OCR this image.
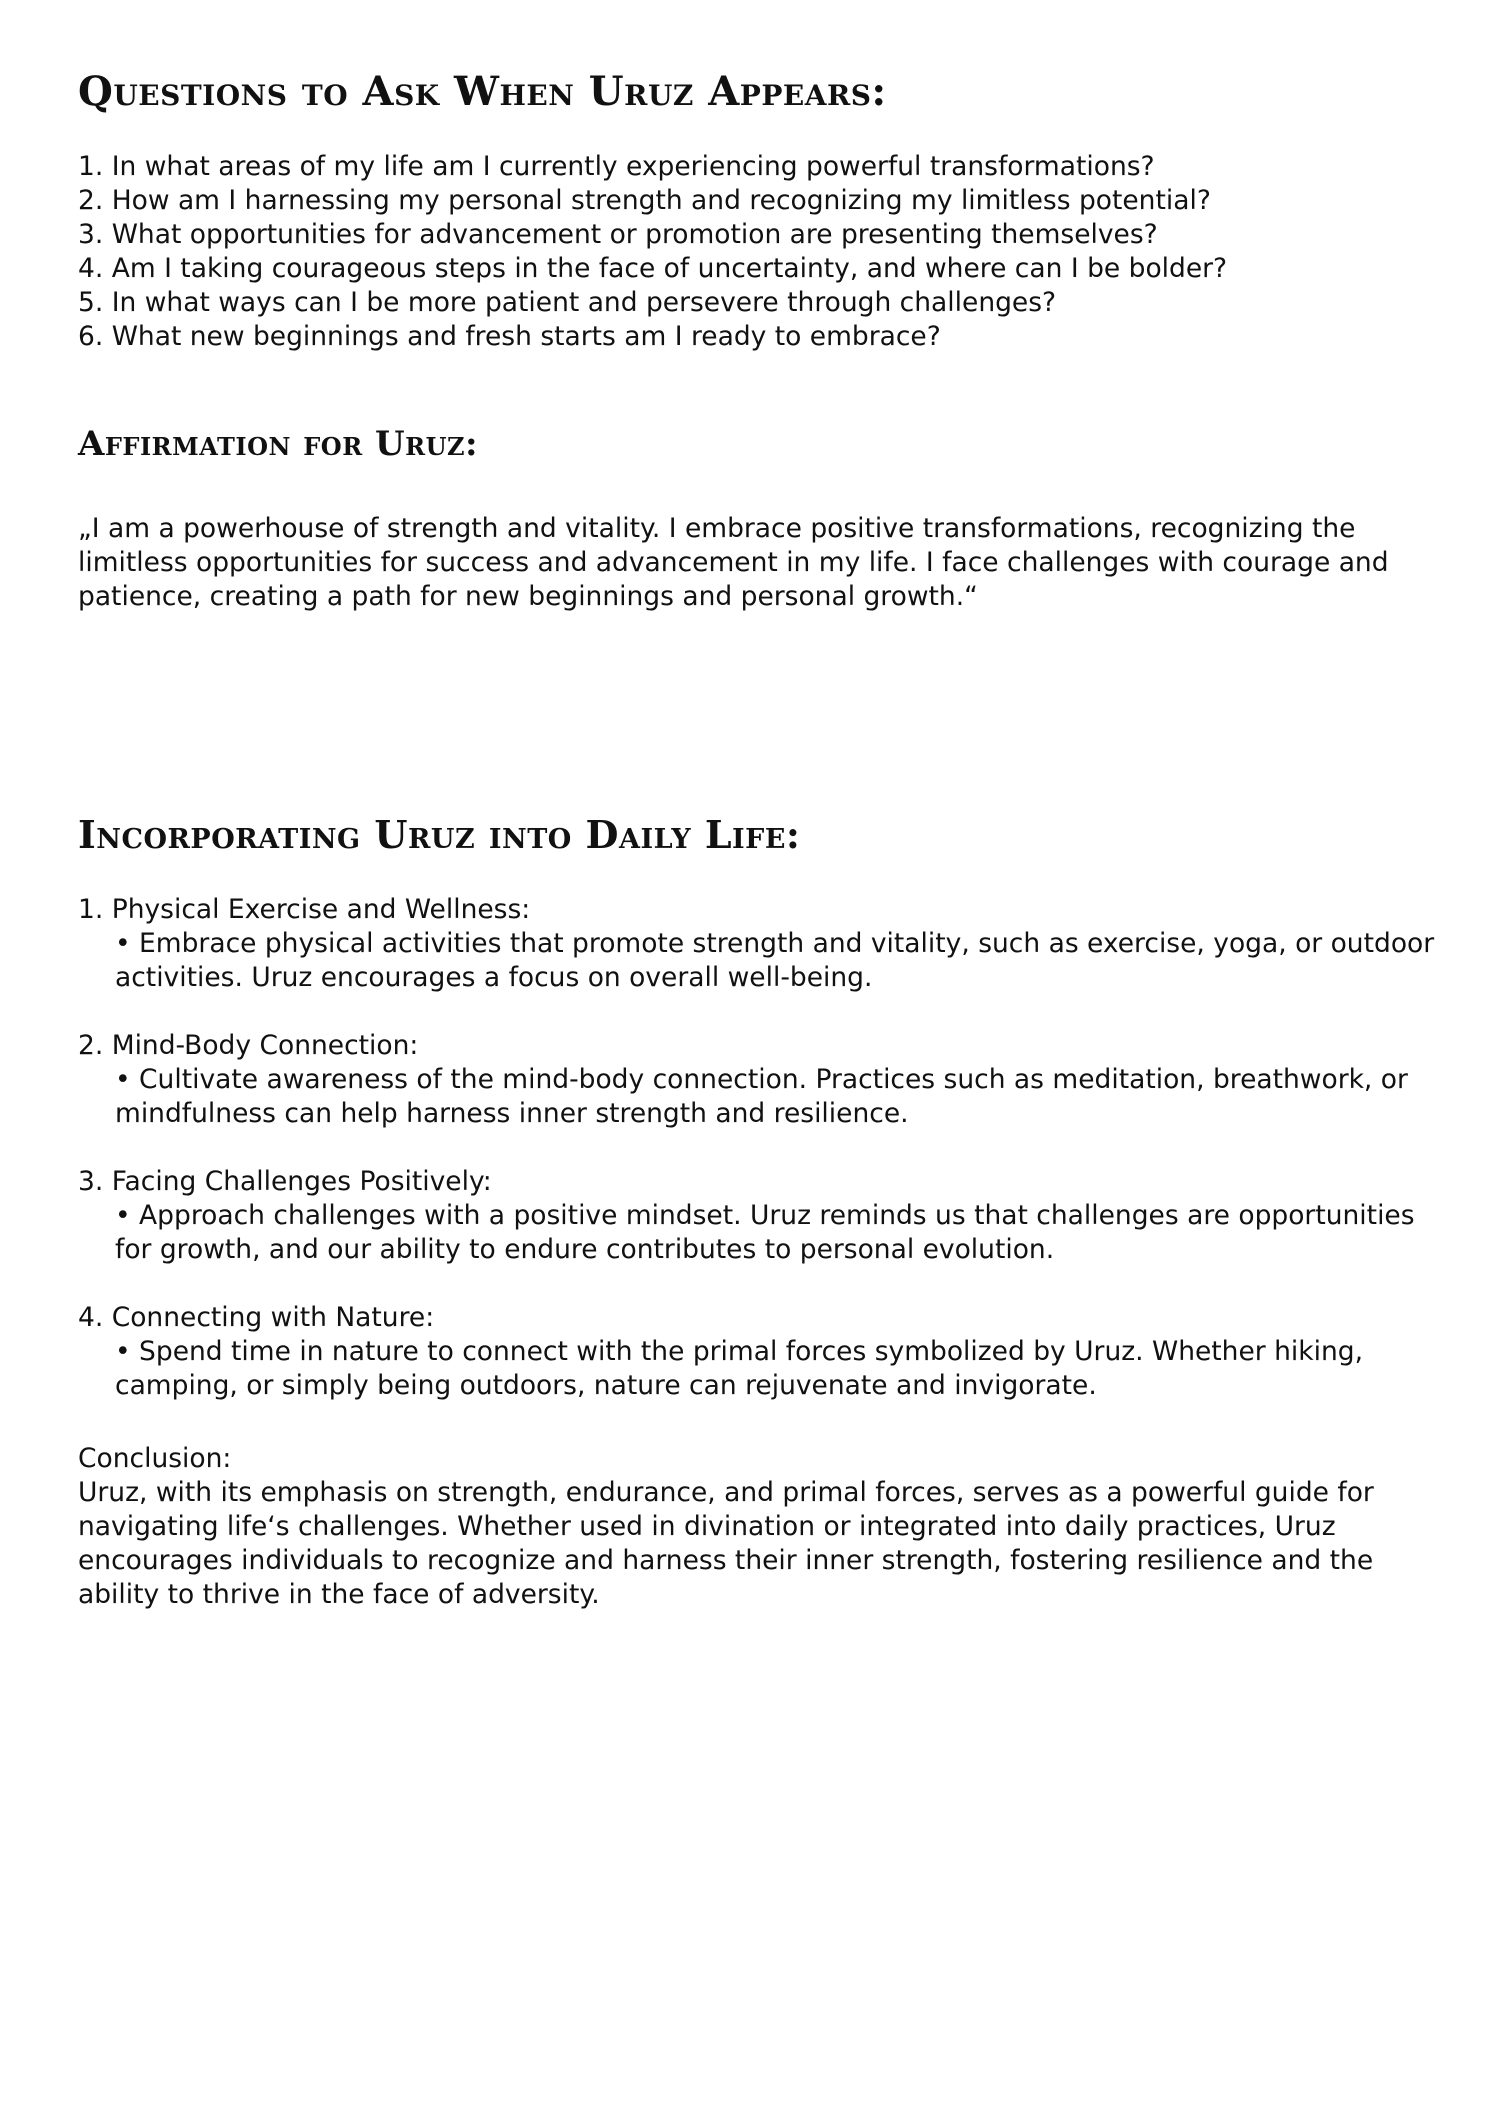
Questions to Ask When Uruz Appears:
1. In what areas of my life am I currently experiencing powerful transformations?
2. How am I harnessing my personal strength and recognizing my limitless potential?
3. What opportunities for advancement or promotion are presenting themselves?
4. Am I taking courageous steps in the face of uncertainty, and where can I be bolder?
5. In what ways can I be more patient and persevere through challenges?
6. What new beginnings and fresh starts am I ready to embrace?
Affirmation for Uruz:

„I am a powerhouse of strength and vitality. I embrace positive transformations, recognizing the limitless opportunities for success and advancement in my life. I face challenges with courage and patience, creating a path for new beginnings and personal growth.“

Incorporating Uruz into Daily Life:
1. Physical Exercise and Wellness:
• Embrace physical activities that promote strength and vitality, such as exercise, yoga, or outdoor activities. Uruz encourages a focus on overall well-being.
2. Mind-Body Connection:
• Cultivate awareness of the mind-body connection. Practices such as meditation, breathwork, or mindfulness can help harness inner strength and resilience.
3. Facing Challenges Positively:
• Approach challenges with a positive mindset. Uruz reminds us that challenges are opportunities for growth, and our ability to endure contributes to personal evolution.
4. Connecting with Nature:
• Spend time in nature to connect with the primal forces symbolized by Uruz. Whether hiking, camping, or simply being outdoors, nature can rejuvenate and invigorate.
Conclusion:
Uruz, with its emphasis on strength, endurance, and primal forces, serves as a powerful guide for navigating life‘s challenges. Whether used in divination or integrated into daily practices, Uruz encourages individuals to recognize and harness their inner strength, fostering resilience and the ability to thrive in the face of adversity.
